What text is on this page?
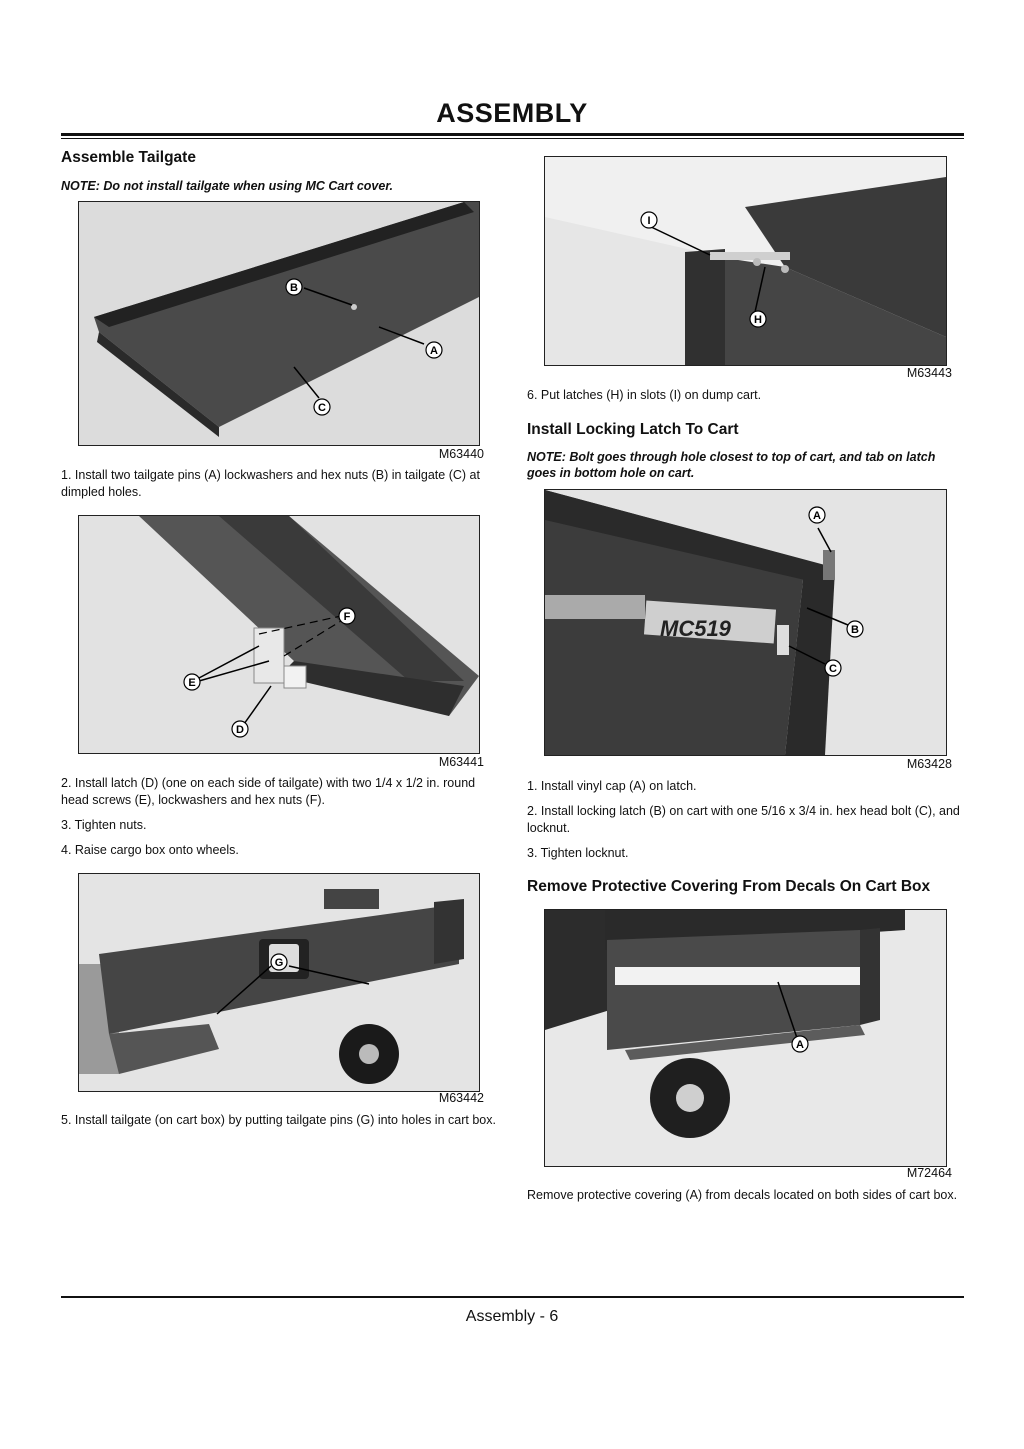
ASSEMBLY
Assemble Tailgate
NOTE: Do not install tailgate when using MC Cart cover.
B
A
C
M63440
1. Install two tailgate pins (A) lockwashers and hex nuts (B) in tailgate (C) at dimpled holes.
F
E
D
M63441
2. Install latch (D) (one on each side of tailgate) with two 1/4 x 1/2 in. round head screws (E), lockwashers and hex nuts (F).
3. Tighten nuts.
4. Raise cargo box onto wheels.
G
M63442
5. Install tailgate (on cart box) by putting tailgate pins (G) into holes in cart box.
I
H
M63443
6. Put latches (H) in slots (I) on dump cart.
Install Locking Latch To Cart
NOTE: Bolt goes through hole closest to top of cart, and tab on latch goes in bottom hole on cart.
MC519
A
B
C
M63428
1. Install vinyl cap (A) on latch.
2. Install locking latch (B) on cart with one 5/16 x 3/4 in. hex head bolt (C), and locknut.
3. Tighten locknut.
Remove Protective Covering From Decals On Cart Box
A
M72464
Remove protective covering (A) from decals located on both sides of cart box.
Assembly - 6
